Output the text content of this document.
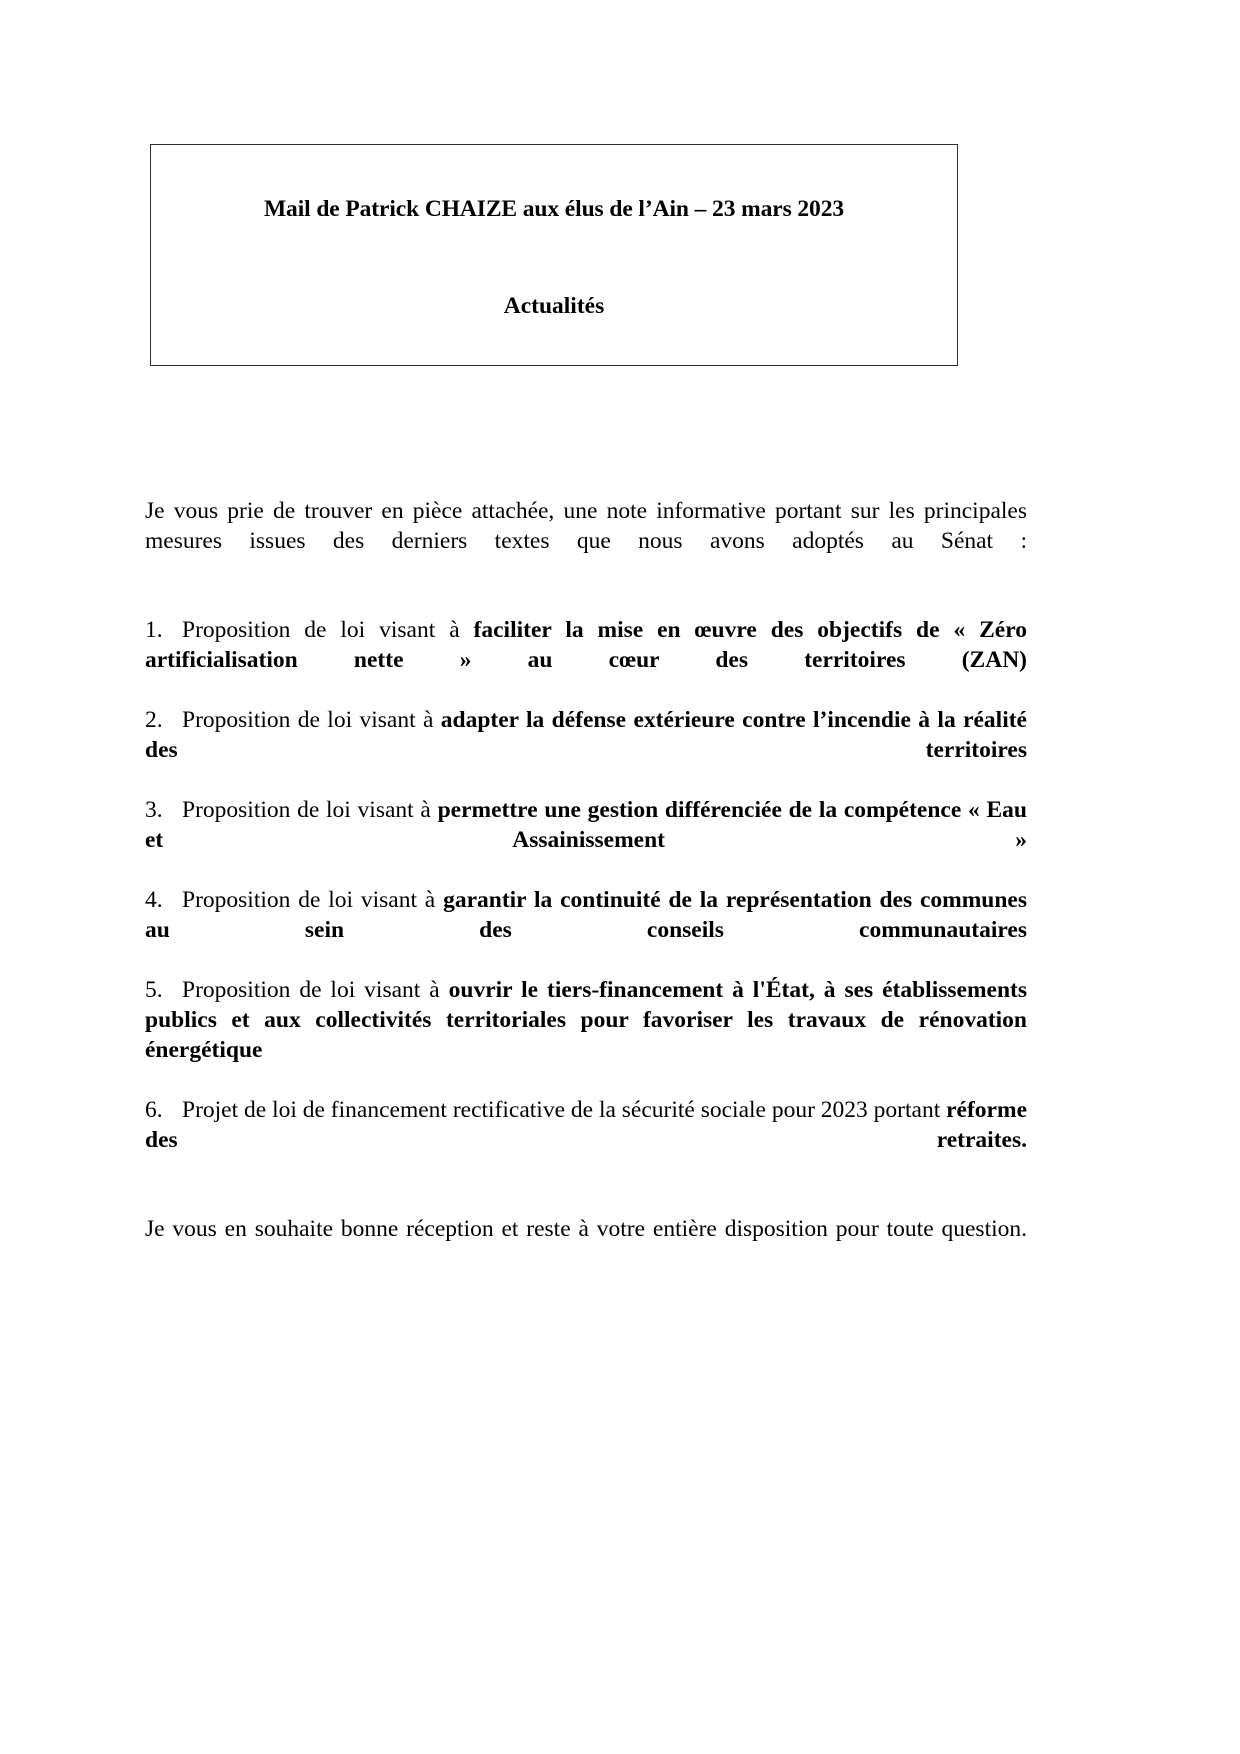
Mail de Patrick CHAIZE aux élus de l’Ain – 23 mars 2023
Actualités

Je vous prie de trouver en pièce attachée, une note informative portant sur les principales mesures issues des derniers textes que nous avons adoptés au Sénat :

1. Proposition de loi visant à faciliter la mise en œuvre des objectifs de « Zéro artificialisation nette » au cœur des territoires (ZAN)
2. Proposition de loi visant à adapter la défense extérieure contre l’incendie à la réalité des territoires
3. Proposition de loi visant à permettre une gestion différenciée de la compétence « Eau et Assainissement »
4. Proposition de loi visant à garantir la continuité de la représentation des communes au sein des conseils communautaires
5. Proposition de loi visant à ouvrir le tiers-financement à l'État, à ses établissements publics et aux collectivités territoriales pour favoriser les travaux de rénovation énergétique
6. Projet de loi de financement rectificative de la sécurité sociale pour 2023 portant réforme des retraites.

Je vous en souhaite bonne réception et reste à votre entière disposition pour toute question.
